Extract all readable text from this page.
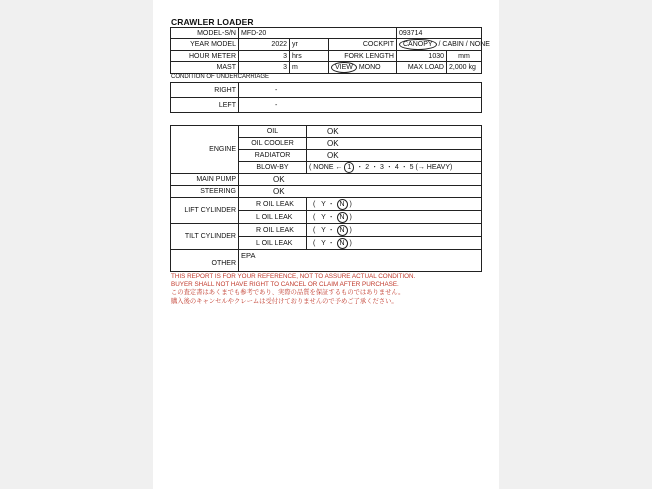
CRAWLER LOADER
MODEL-S/N	MFD-20			093714	
YEAR MODEL	2022	yr	COCKPIT	CANOPY / CABIN / NONE	
HOUR METER	3	hrs	FORK LENGTH	1030	mm
MAST	3	m	VIEW MONO	MAX LOAD	2,000 kg
CONDITION OF UNDERCARRIAGE
RIGHT	-
LEFT	-
ENGINE	OIL	OK
	OIL COOLER	OK
	RADIATOR	OK
	BLOW-BY	( NONE ← 1 ・ 2 ・ 3 ・ 4 ・ 5 (→ HEAVY)
MAIN PUMP	OK	
STEERING	OK	
LIFT CYLINDER	R OIL LEAK	( Y ・ N )
	L OIL LEAK	( Y ・ N )
TILT CYLINDER	R OIL LEAK	( Y ・ N )
	L OIL LEAK	( Y ・ N )
OTHER	EPA	
THIS REPORT IS FOR YOUR REFERENCE, NOT TO ASSURE ACTUAL CONDITION.
BUYER SHALL NOT HAVE RIGHT TO CANCEL OR CLAIM AFTER PURCHASE.
この査定書はあくまでも参考であり、実際の品質を保証するものではありません。
購入後のキャンセルやクレームは受付けておりませんので予めご了承ください。
